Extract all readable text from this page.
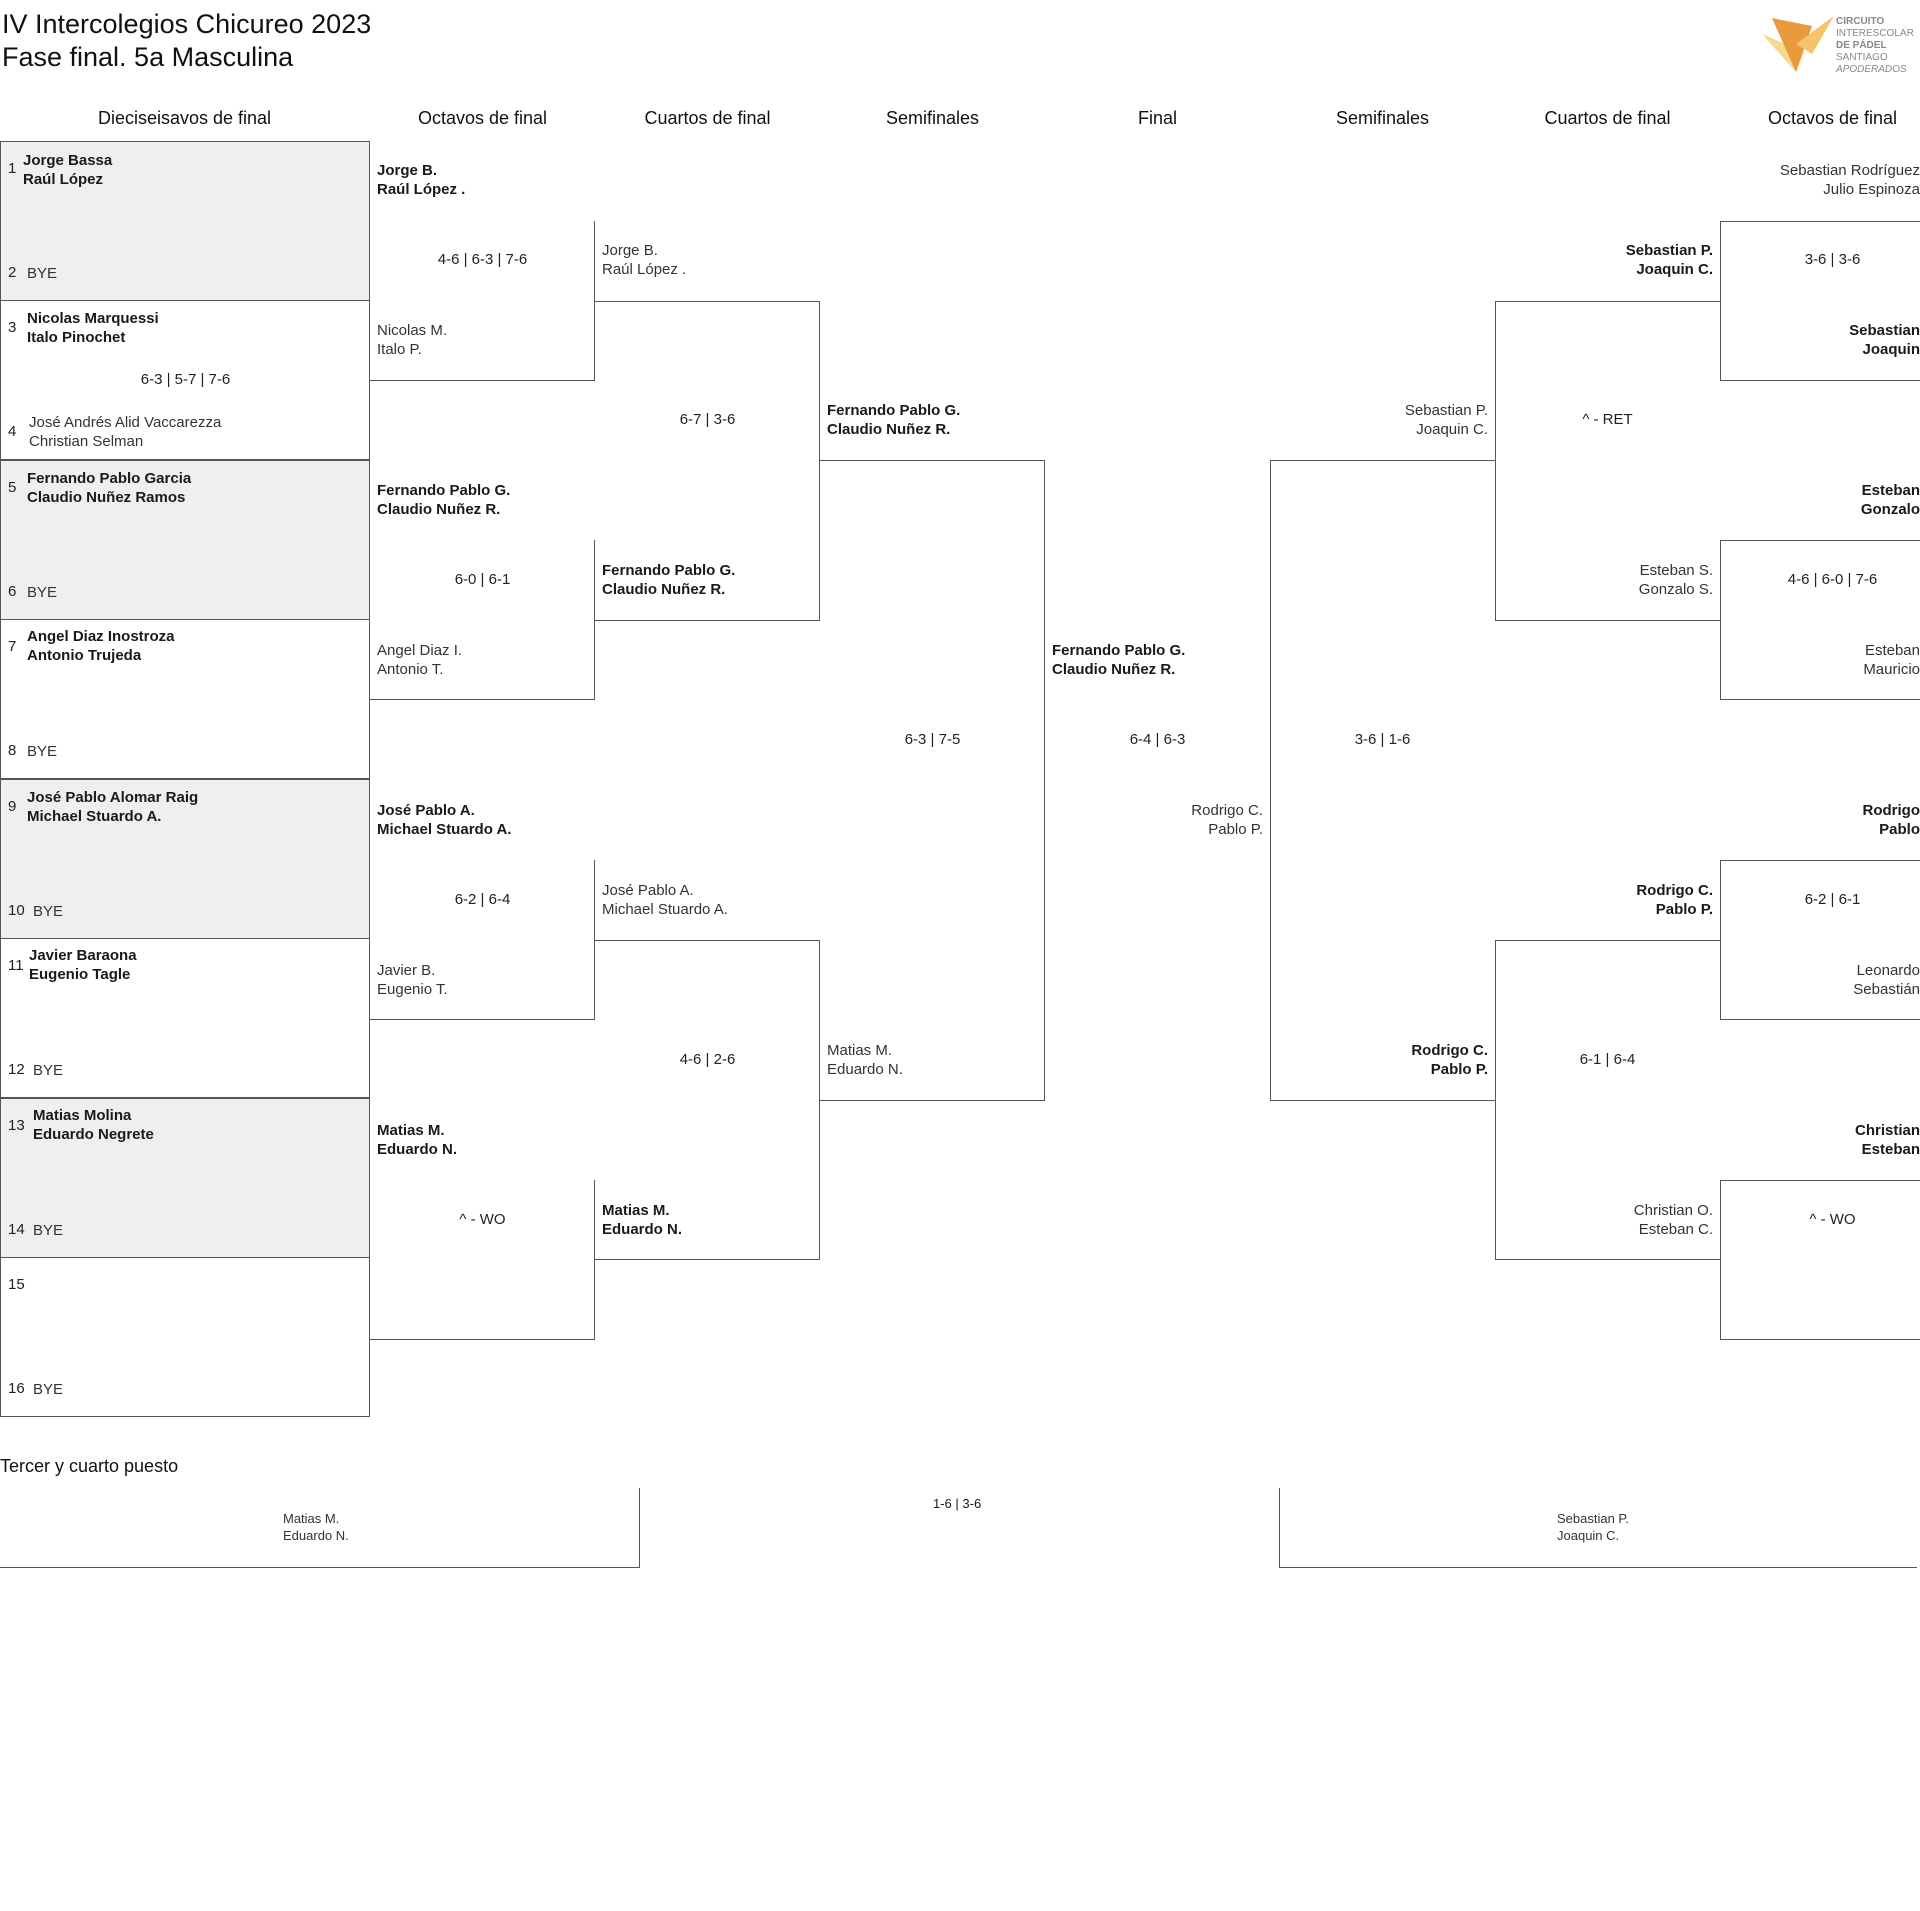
IV Intercolegios Chicureo 2023
Fase final. 5a Masculina
CIRCUITO
INTERESCOLAR
DE PÁDEL
SANTIAGO
APODERADOS
Dieciseisavos de final	Octavos de final	Cuartos de final	Semifinales	Final	Semifinales	Cuartos de final	Octavos de final
1 Jorge Bassa
Raúl López
2 BYE
3
Nicolas Marquessi
Italo Pinochet
4
José Andrés Alid Vaccarezza
Christian Selman
6-3 | 5-7 | 7-6
5
Fernando Pablo Garcia
Claudio Nuñez Ramos
6 BYE
7
Angel Diaz Inostroza
Antonio Trujeda
8 BYE
9
José Pablo Alomar Raig
Michael Stuardo A.
10 BYE
11
Javier Baraona
Eugenio Tagle
12 BYE
13
Matias Molina
Eduardo Negrete
14 BYE
15
16 BYE
Jorge B.
Raúl López .
4-6 | 6-3 | 7-6
Nicolas M.
Italo P.
Fernando Pablo G.
Claudio Nuñez R.
6-0 | 6-1
Angel Diaz I.
Antonio T.
José Pablo A.
Michael Stuardo A.
6-2 | 6-4
Javier B.
Eugenio T.
Matias M.
Eduardo N.
^ - WO
Jorge B.
Raúl López .
6-7 | 3-6
Fernando Pablo G.
Claudio Nuñez R.
José Pablo A.
Michael Stuardo A.
4-6 | 2-6
Matias M.
Eduardo N.
Fernando Pablo G.
Claudio Nuñez R.
6-3 | 7-5
Matias M.
Eduardo N.
Fernando Pablo G.
Claudio Nuñez R.
6-4 | 6-3
Rodrigo C.
Pablo P.
Sebastian P.
Joaquin C.
3-6 | 1-6
Rodrigo C.
Pablo P.
Sebastian P.
Joaquin C.
^ - RET
Esteban S.
Gonzalo S.
Rodrigo C.
Pablo P.
6-1 | 6-4
Christian O.
Esteban C.
Sebastian Rodríguez
Julio Espinoza
3-6 | 3-6
Sebastian
Joaquin
Esteban
Gonzalo
4-6 | 6-0 | 7-6
Esteban
Mauricio
Rodrigo
Pablo
6-2 | 6-1
Leonardo
Sebastián
Christian
Esteban
^ - WO
Tercer y cuarto puesto
Matias M.
Eduardo N.
1-6 | 3-6
Sebastian P.
Joaquin C.
